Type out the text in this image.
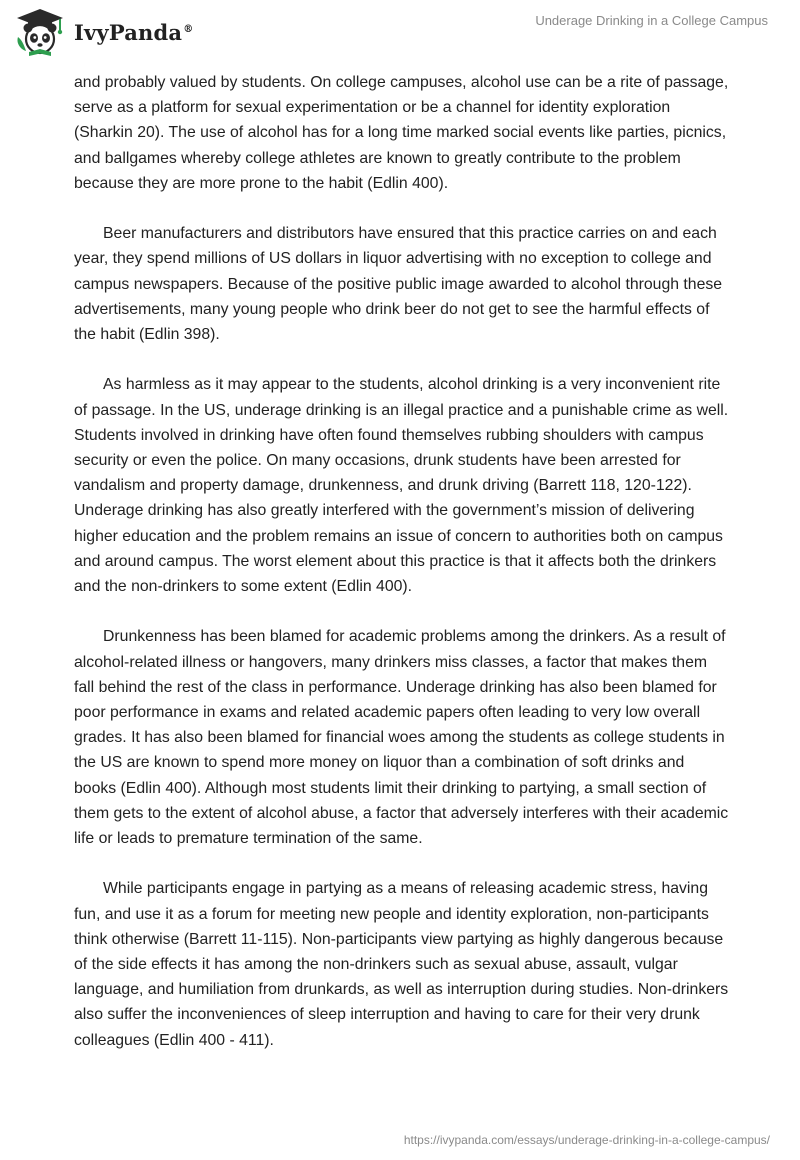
IvyPanda®
Underage Drinking in a College Campus

and probably valued by students. On college campuses, alcohol use can be a rite of passage, serve as a platform for sexual experimentation or be a channel for identity exploration (Sharkin 20). The use of alcohol has for a long time marked social events like parties, picnics, and ballgames whereby college athletes are known to greatly contribute to the problem because they are more prone to the habit (Edlin 400).

Beer manufacturers and distributors have ensured that this practice carries on and each year, they spend millions of US dollars in liquor advertising with no exception to college and campus newspapers. Because of the positive public image awarded to alcohol through these advertisements, many young people who drink beer do not get to see the harmful effects of the habit (Edlin 398).

As harmless as it may appear to the students, alcohol drinking is a very inconvenient rite of passage. In the US, underage drinking is an illegal practice and a punishable crime as well. Students involved in drinking have often found themselves rubbing shoulders with campus security or even the police. On many occasions, drunk students have been arrested for vandalism and property damage, drunkenness, and drunk driving (Barrett 118, 120-122). Underage drinking has also greatly interfered with the government’s mission of delivering higher education and the problem remains an issue of concern to authorities both on campus and around campus. The worst element about this practice is that it affects both the drinkers and the non-drinkers to some extent (Edlin 400).

Drunkenness has been blamed for academic problems among the drinkers. As a result of alcohol-related illness or hangovers, many drinkers miss classes, a factor that makes them fall behind the rest of the class in performance. Underage drinking has also been blamed for poor performance in exams and related academic papers often leading to very low overall grades. It has also been blamed for financial woes among the students as college students in the US are known to spend more money on liquor than a combination of soft drinks and books (Edlin 400). Although most students limit their drinking to partying, a small section of them gets to the extent of alcohol abuse, a factor that adversely interferes with their academic life or leads to premature termination of the same.

While participants engage in partying as a means of releasing academic stress, having fun, and use it as a forum for meeting new people and identity exploration, non-participants think otherwise (Barrett 11-115). Non-participants view partying as highly dangerous because of the side effects it has among the non-drinkers such as sexual abuse, assault, vulgar language, and humiliation from drunkards, as well as interruption during studies. Non-drinkers also suffer the inconveniences of sleep interruption and having to care for their very drunk colleagues (Edlin 400 - 411).

https://ivypanda.com/essays/underage-drinking-in-a-college-campus/
